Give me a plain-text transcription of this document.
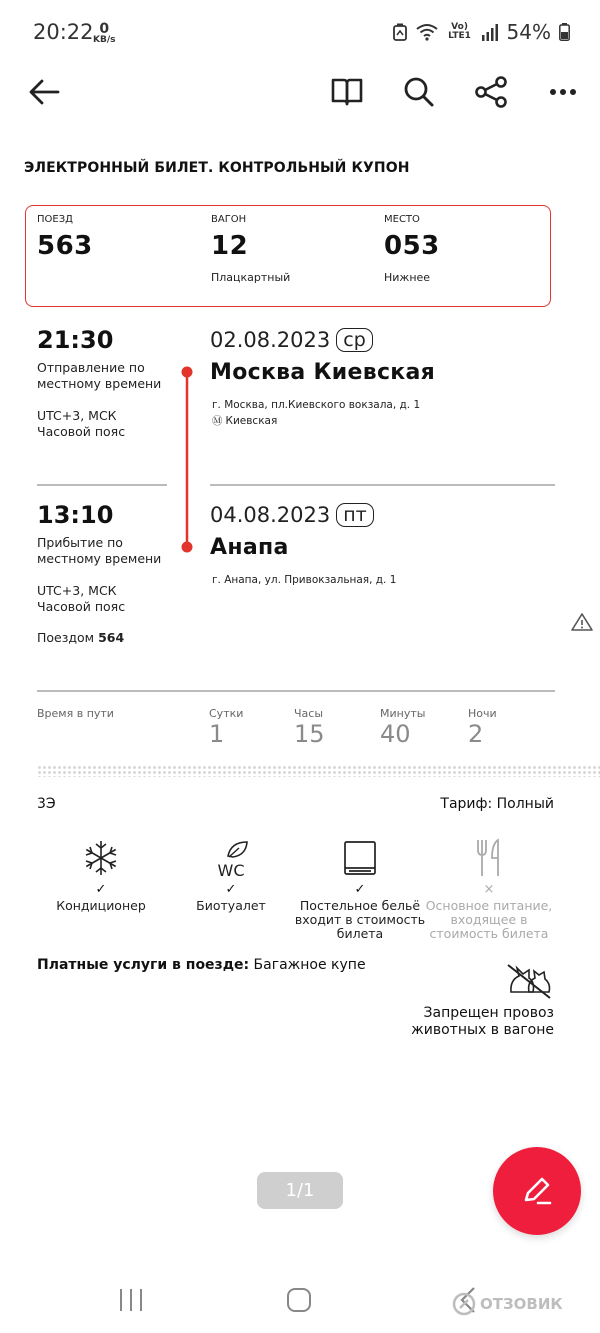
20:22 0
KB/s
Vo) LTE1 54%
ЭЛЕКТРОННЫЙ БИЛЕТ. КОНТРОЛЬНЫЙ КУПОН
ПОЕЗД
563
ВАГОН
12
Плацкартный
МЕСТО
053
Нижнее
21:30
Отправление по местному времени
UTC+3, МСК
Часовой пояс
02.08.2023 ср
Москва Киевская
г. Москва, пл.Киевского вокзала, д. 1
Ⓜ Киевская
13:10
Прибытие по местному времени
UTC+3, МСК
Часовой пояс
Поездом 564
04.08.2023 пт
Анапа
г. Анапа, ул. Привокзальная, д. 1
Время в пути	Сутки
1
Часы
15
Минуты
40
Ночи
2
3Э	Тариф: Полный
✓
Кондиционер
WC
✓
Биотуалет
✓
Постельное бельё входит в стоимость билета
×
Основное питание, входящее в стоимость билета
Платные услуги в поезде: Багажное купе
Запрещен провоз животных в вагоне
1/1
ОТЗОВИК
